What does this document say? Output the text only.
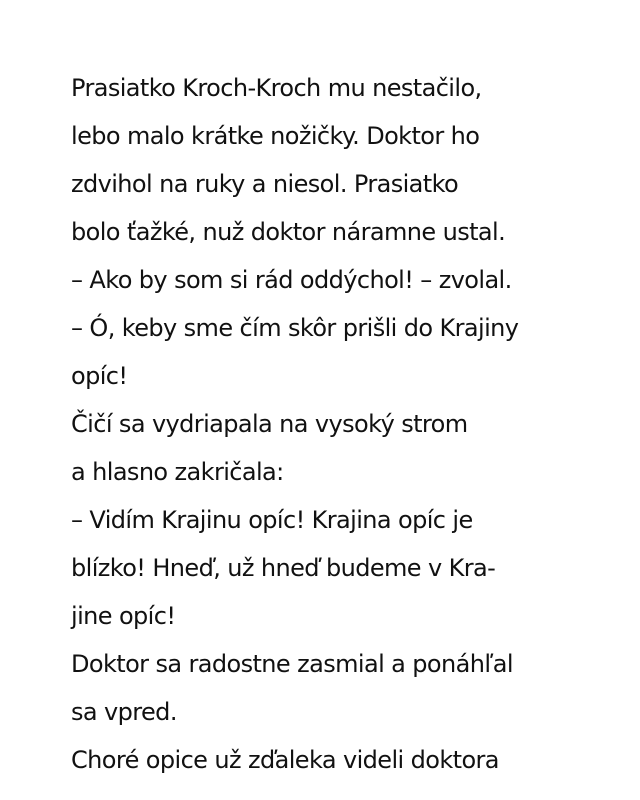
Prasiatko Kroch-Kroch mu nestačilo,
lebo malo krátke nožičky. Doktor ho
zdvihol na ruky a niesol. Prasiatko
bolo ťažké, nuž doktor náramne ustal.
– Ako by som si rád oddýchol! – zvolal.
– Ó, keby sme čím skôr prišli do Krajiny
opíc!
Čičí sa vydriapala na vysoký strom
a hlasno zakričala:
– Vidím Krajinu opíc! Krajina opíc je
blízko! Hneď, už hneď budeme v Kra-
jine opíc!
Doktor sa radostne zasmial a ponáhľal
sa vpred.
Choré opice už zďaleka videli doktora
